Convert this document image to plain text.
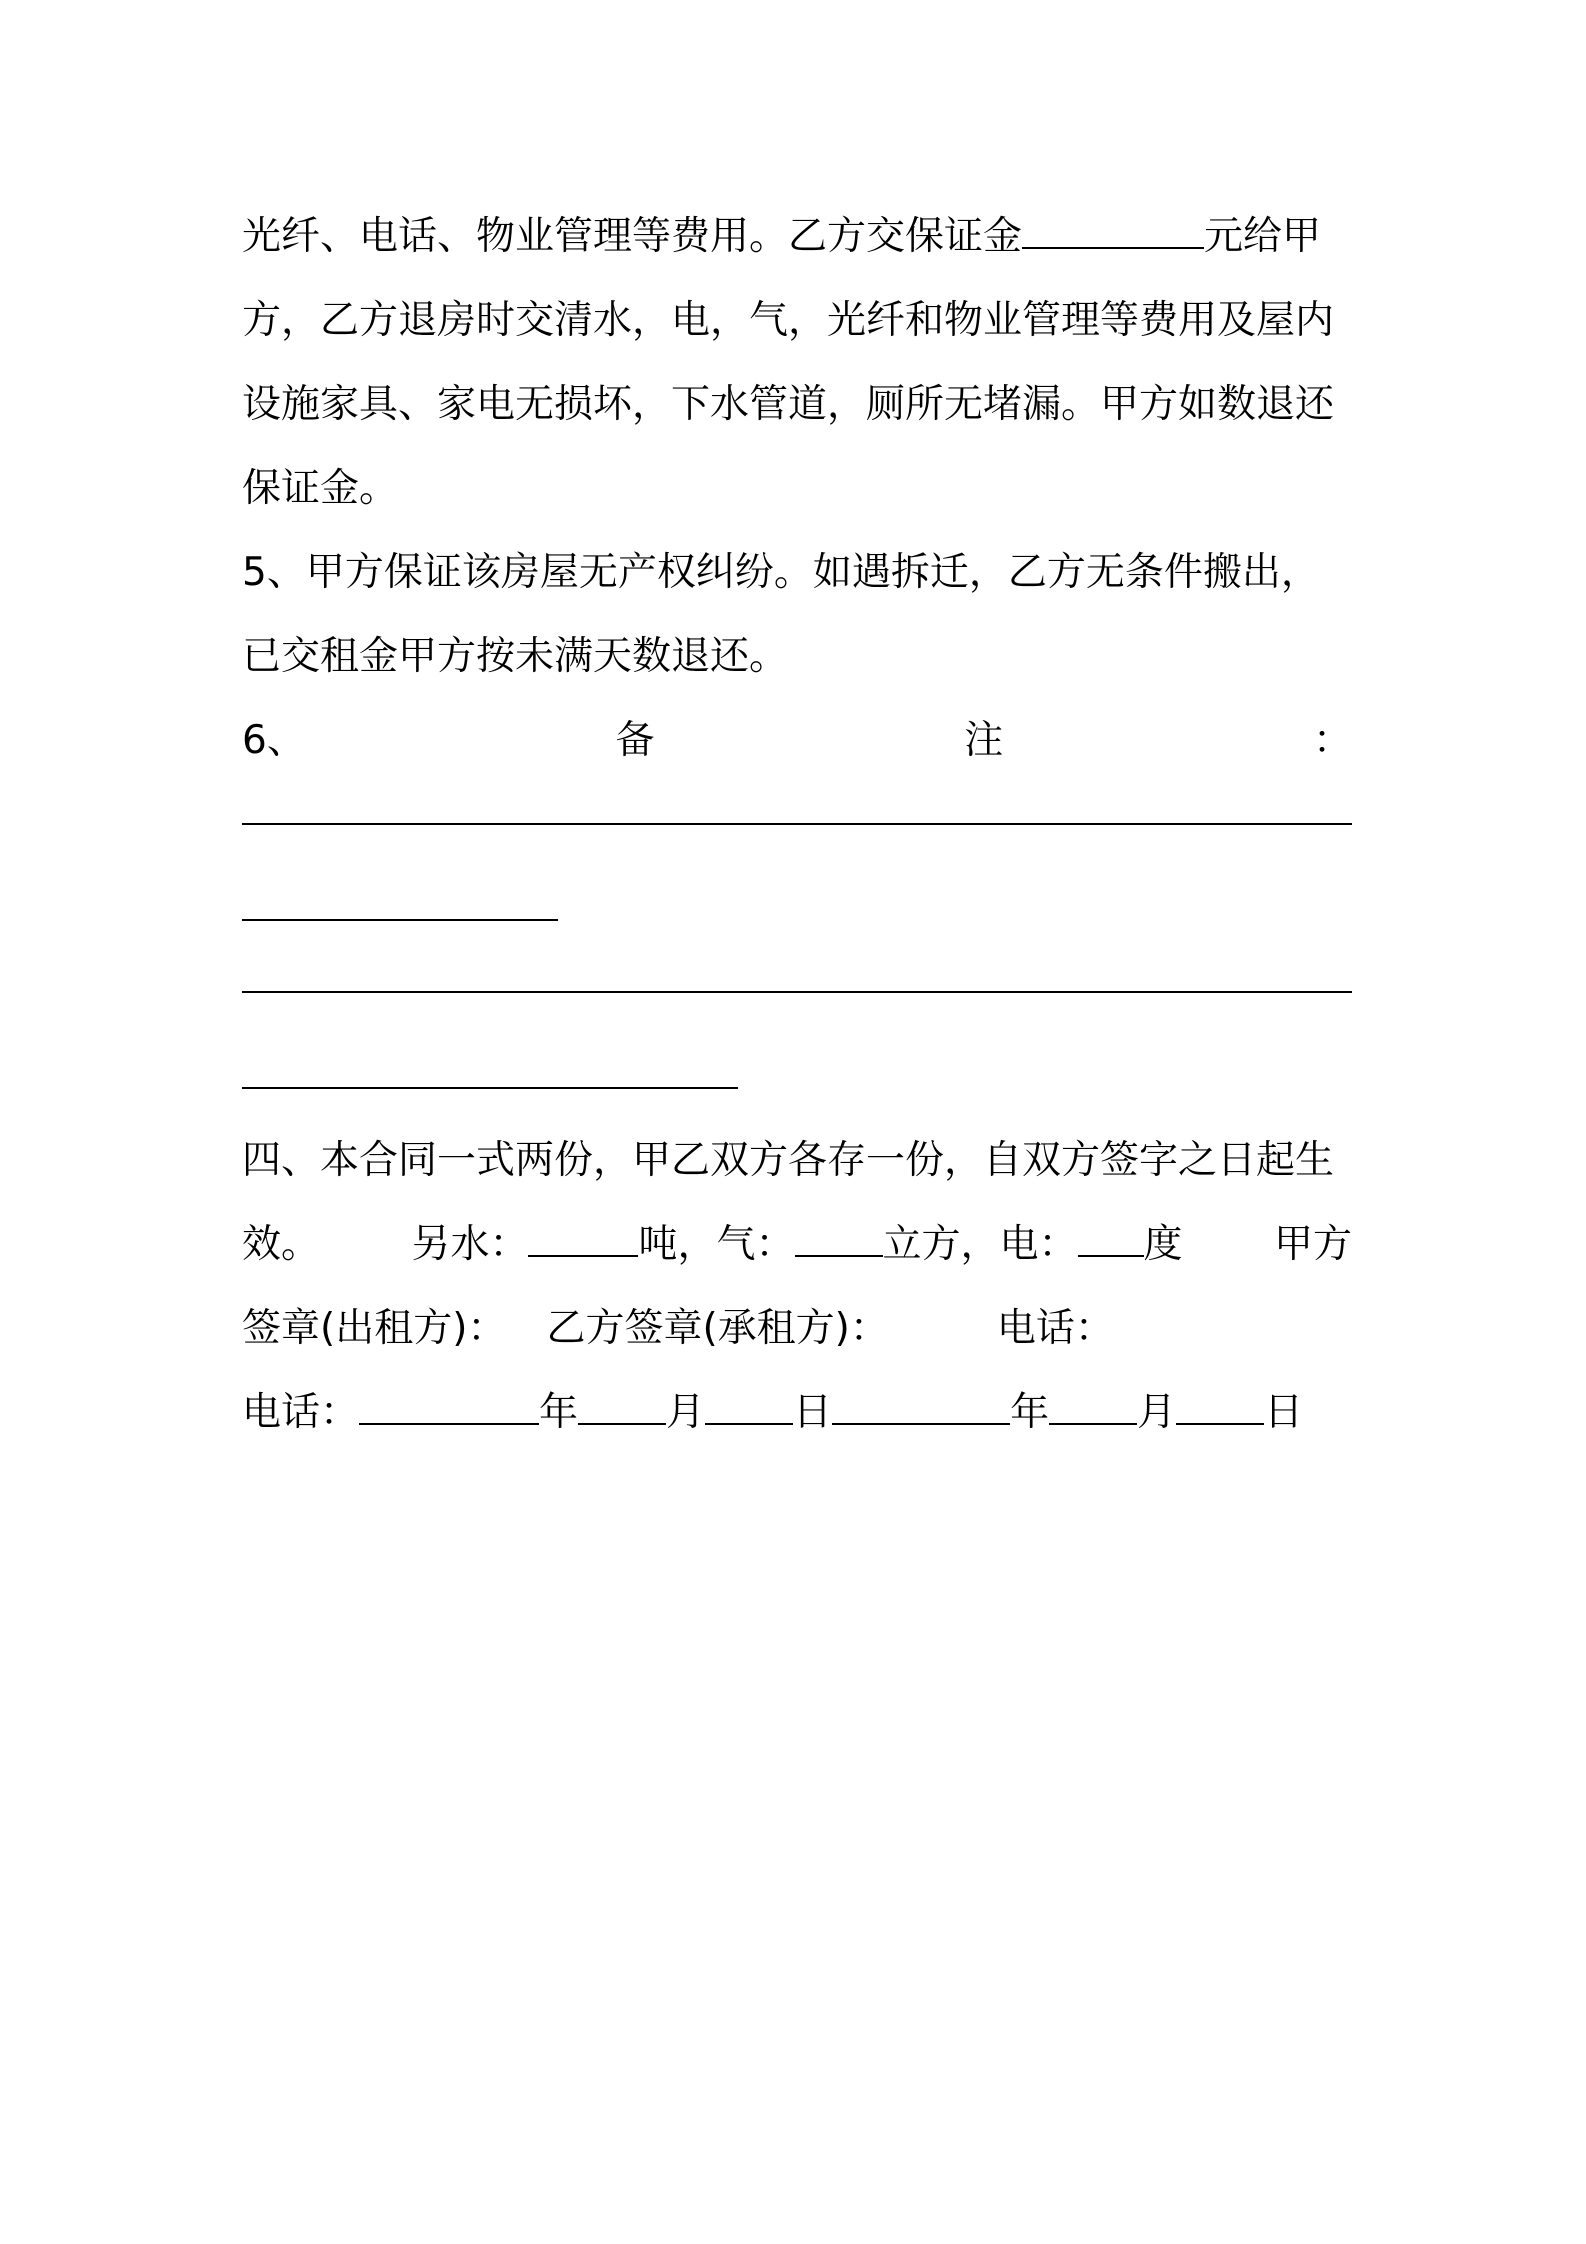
光纤、电话、物业管理等费用。乙方交保证金	元给甲
方，乙方退房时交清水，电，气，光纤和物业管理等费用及屋内
设施家具、家电无损坏，下水管道，厕所无堵漏。甲方如数退还
保证金。
5、甲方保证该房屋无产权纠纷。如遇拆迁，乙方无条件搬出，
已交租金甲方按未满天数退还。
6、	备	注	：
四、本合同一式两份，甲乙双方各存一份，自双方签字之日起生
效。 另水：	吨，气： 立方，电： 度 甲方
签章(出租方)： 乙方签章(承租方)：	电话：
电话：	年 月 日	年 月 日
